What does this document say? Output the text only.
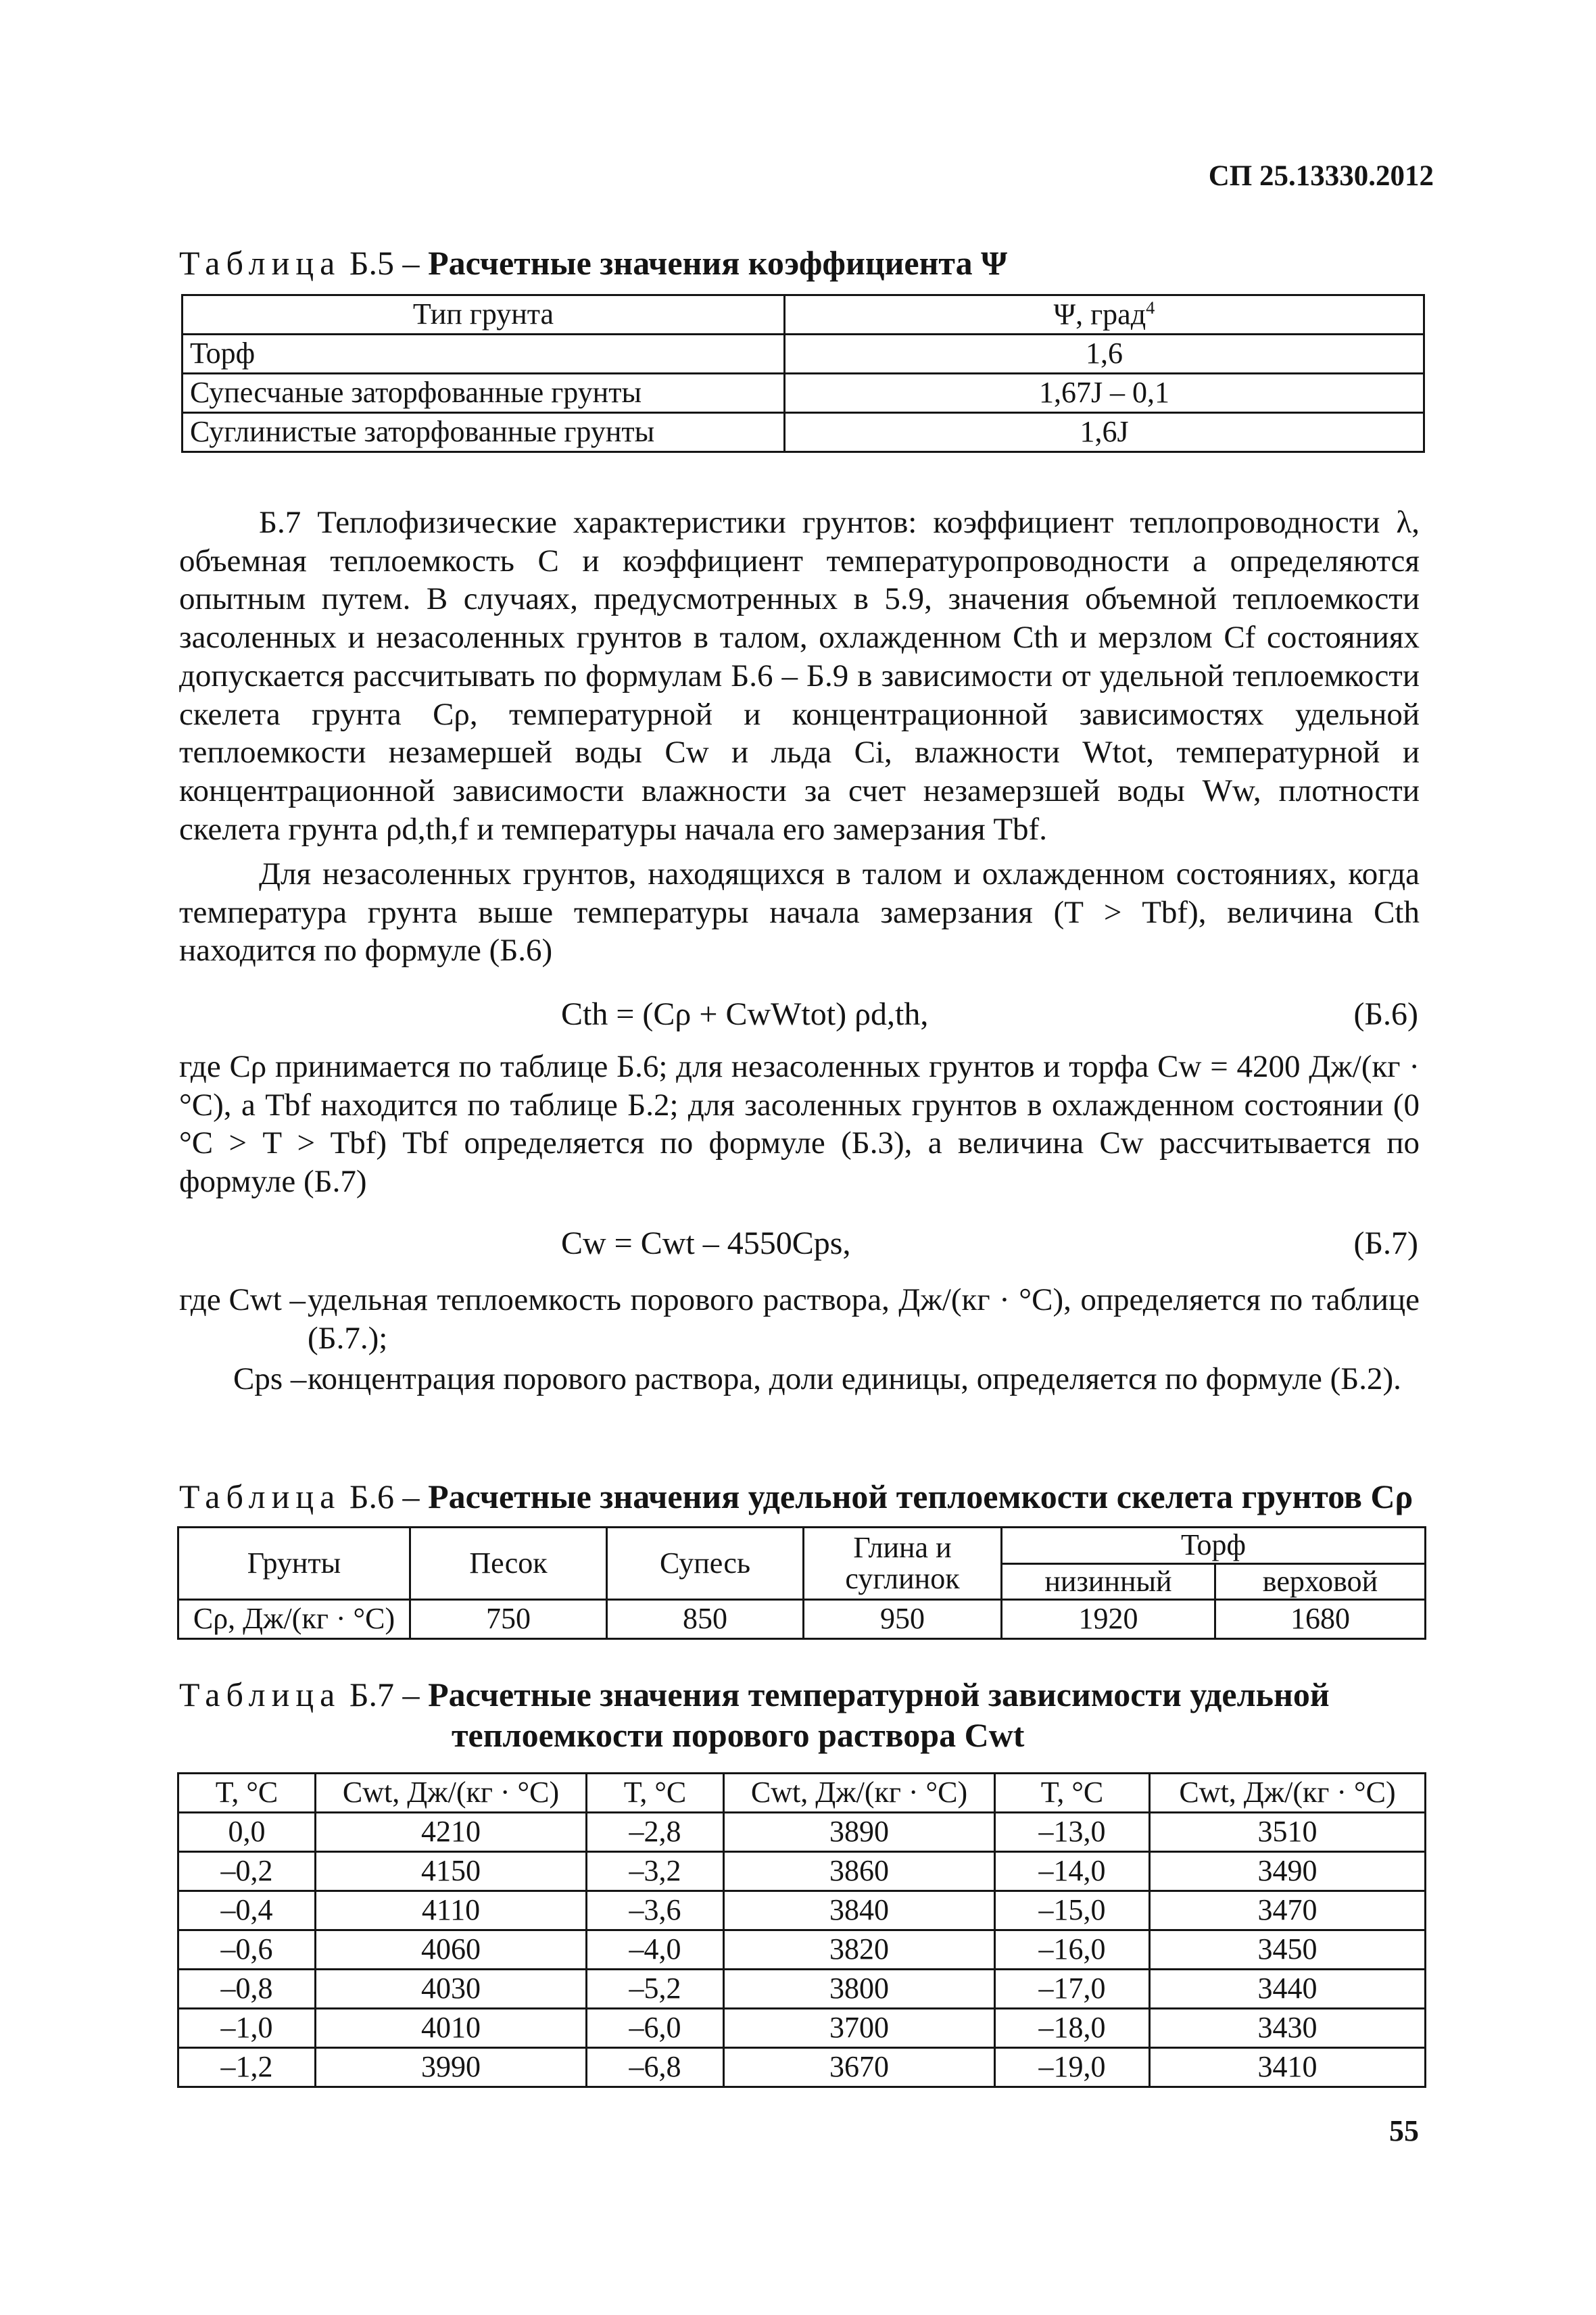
СП 25.13330.2012
Таблица Б.5 – Расчетные значения коэффициента Ψ
Тип грунта	Ψ, град$^4$
Торф	1,6
Супесчаные заторфованные грунты	1,67J – 0,1
Суглинистые заторфованные грунты	1,6J
Б.7 Теплофизические характеристики грунтов: коэффициент теплопроводности λ, объемная теплоемкость C и коэффициент температуропроводности a определяются опытным путем. В случаях, предусмотренных в 5.9, значения объемной теплоемкости засоленных и незасоленных грунтов в талом, охлажденном Cth и мерзлом Cf состояниях допускается рассчитывать по формулам Б.6 – Б.9 в зависимости от удельной теплоемкости скелета грунта Cρ, температурной и концентрационной зависимостях удельной теплоемкости незамершей воды Cw и льда Ci, влажности Wtot, температурной и концентрационной зависимости влажности за счет незамерзшей воды Ww, плотности скелета грунта ρd,th,f и температуры начала его замерзания Tbf.
Для незасоленных грунтов, находящихся в талом и охлажденном состояниях, когда температура грунта выше температуры начала замерзания (T > Tbf), величина Cth находится по формуле (Б.6)
Cth = (Cρ + CwWtot) ρd,th,	(Б.6)
где Cρ принимается по таблице Б.6; для незасоленных грунтов и торфа Cw = 4200 Дж/(кг · °С), а Tbf находится по таблице Б.2; для засоленных грунтов в охлажденном состоянии (0 °С > T > Tbf) Tbf определяется по формуле (Б.3), а величина Cw рассчитывается по формуле (Б.7)
Cw = Cwt – 4550Cps,	(Б.7)
где Cwt – удельная теплоемкость порового раствора, Дж/(кг · °С), определяется по таблице (Б.7.);
Cps – концентрация порового раствора, доли единицы, определяется по формуле (Б.2).
Таблица Б.6 – Расчетные значения удельной теплоемкости скелета грунтов Cρ
Грунты	Песок	Супесь	Глина и суглинок	Торф	
				низинный	верховой
Cρ, Дж/(кг · °С)	750	850	950	1920	1680
Таблица Б.7 – Расчетные значения температурной зависимости удельной
теплоемкости порового раствора Cwt
T, °С	Cwt, Дж/(кг · °С)	T, °С	Cwt, Дж/(кг · °С)	T, °С	Cwt, Дж/(кг · °С)
0,0	4210	–2,8	3890	–13,0	3510
–0,2	4150	–3,2	3860	–14,0	3490
–0,4	4110	–3,6	3840	–15,0	3470
–0,6	4060	–4,0	3820	–16,0	3450
–0,8	4030	–5,2	3800	–17,0	3440
–1,0	4010	–6,0	3700	–18,0	3430
–1,2	3990	–6,8	3670	–19,0	3410
55
